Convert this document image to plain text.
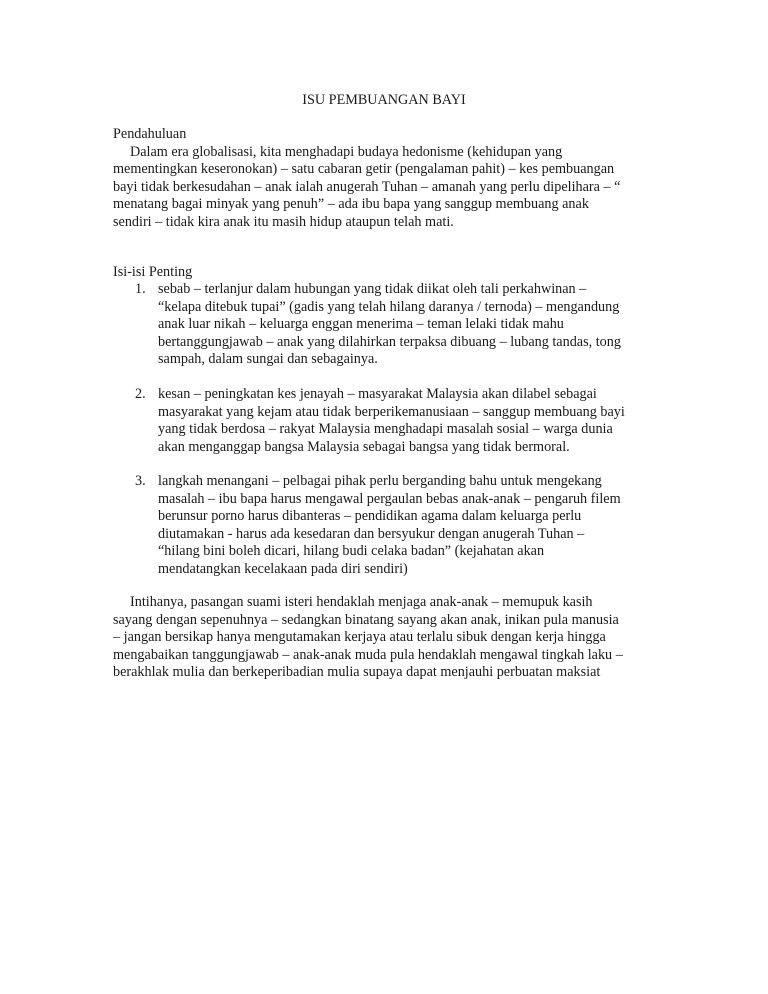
ISU PEMBUANGAN BAYI
Pendahuluan

Dalam era globalisasi, kita menghadapi budaya hedonisme (kehidupan yang

mementingkan keseronokan) – satu cabaran getir (pengalaman pahit) – kes pembuangan

bayi tidak berkesudahan – anak ialah anugerah Tuhan – amanah yang perlu dipelihara – “

menatang bagai minyak yang penuh” – ada ibu bapa yang sanggup membuang anak

sendiri – tidak kira anak itu masih hidup ataupun telah mati.

Isi-isi Penting
1. sebab – terlanjur dalam hubungan yang tidak diikat oleh tali perkahwinan –

“kelapa ditebuk tupai” (gadis yang telah hilang daranya / ternoda) – mengandung

anak luar nikah – keluarga enggan menerima – teman lelaki tidak mahu

bertanggungjawab – anak yang dilahirkan terpaksa dibuang – lubang tandas, tong

sampah, dalam sungai dan sebagainya.

2. kesan – peningkatan kes jenayah – masyarakat Malaysia akan dilabel sebagai

masyarakat yang kejam atau tidak berperikemanusiaan – sanggup membuang bayi

yang tidak berdosa – rakyat Malaysia menghadapi masalah sosial – warga dunia

akan menganggap bangsa Malaysia sebagai bangsa yang tidak bermoral.

3. langkah menangani – pelbagai pihak perlu berganding bahu untuk mengekang

masalah – ibu bapa harus mengawal pergaulan bebas anak-anak – pengaruh filem

berunsur porno harus dibanteras – pendidikan agama dalam keluarga perlu

diutamakan - harus ada kesedaran dan bersyukur dengan anugerah Tuhan –

“hilang bini boleh dicari, hilang budi celaka badan” (kejahatan akan

mendatangkan kecelakaan pada diri sendiri)

Intihanya, pasangan suami isteri hendaklah menjaga anak-anak – memupuk kasih

sayang dengan sepenuhnya – sedangkan binatang sayang akan anak, inikan pula manusia

– jangan bersikap hanya mengutamakan kerjaya atau terlalu sibuk dengan kerja hingga

mengabaikan tanggungjawab – anak-anak muda pula hendaklah mengawal tingkah laku –

berakhlak mulia dan berkeperibadian mulia supaya dapat menjauhi perbuatan maksiat
